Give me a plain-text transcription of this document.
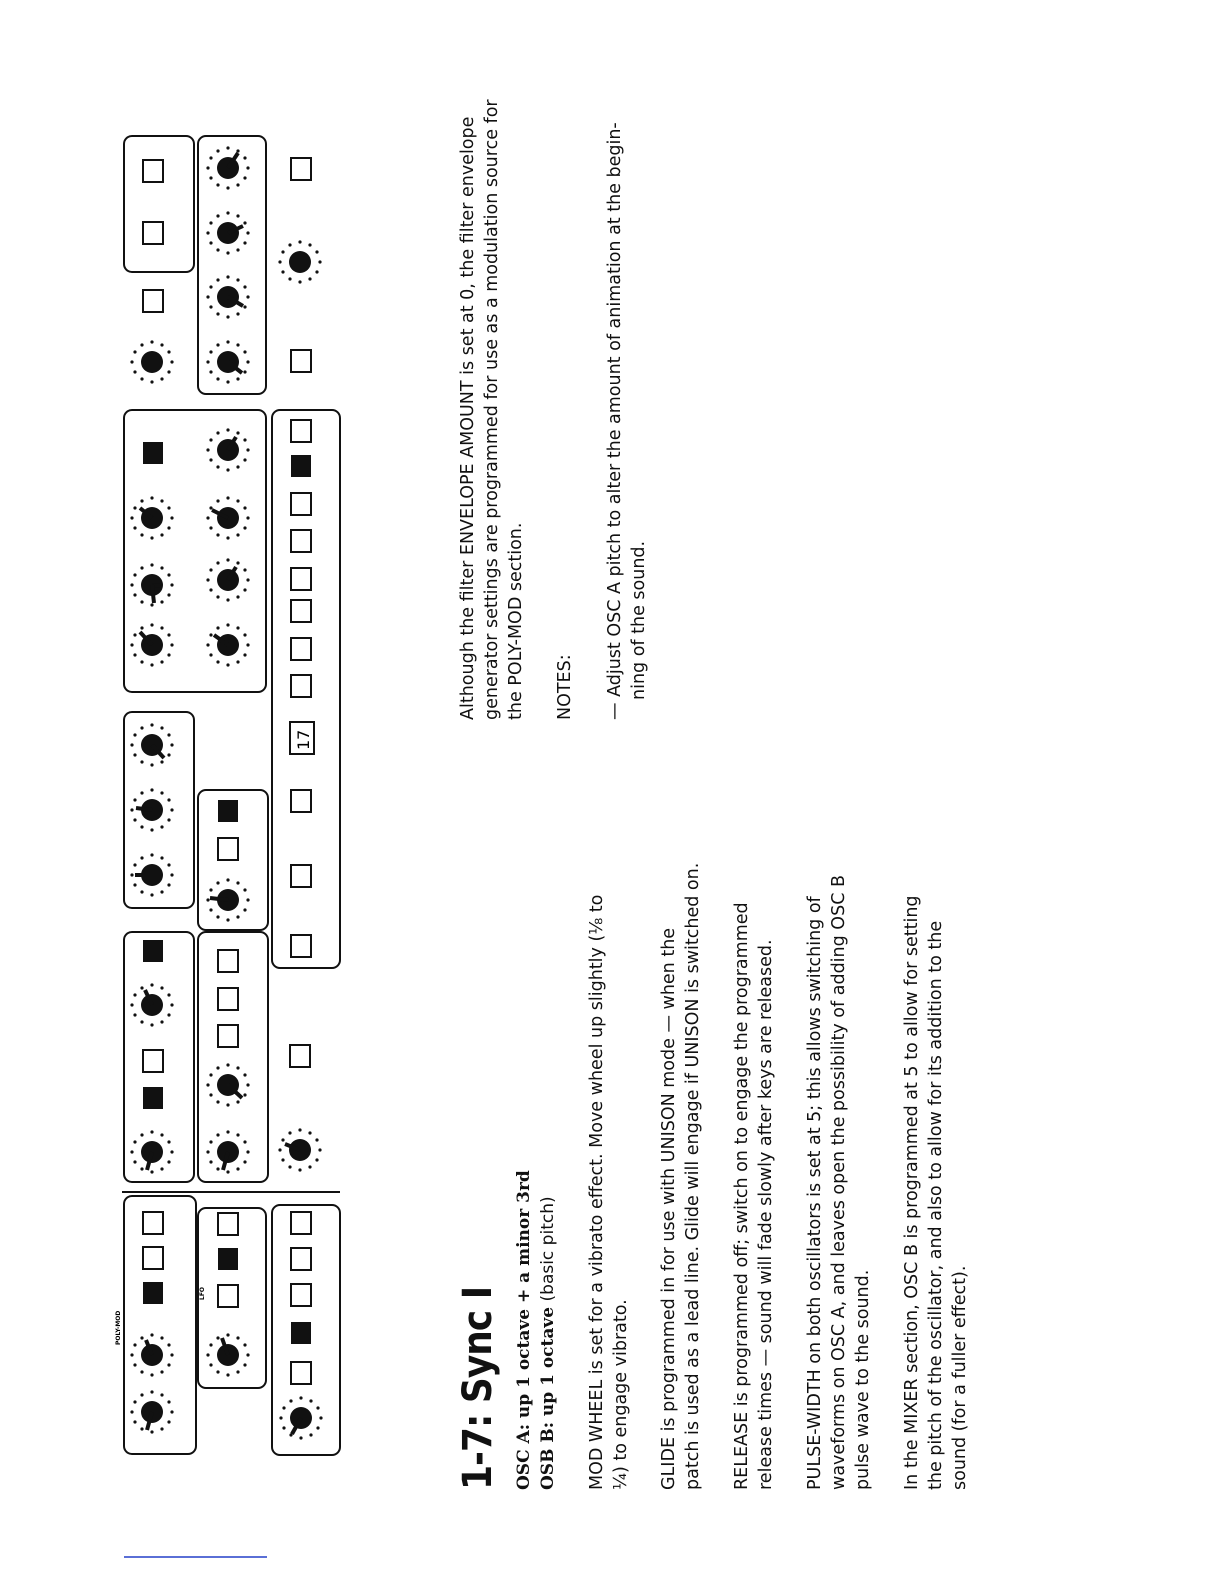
POLY-MOD
LFO
17
1-7: Sync I OSC A: up 1 octave + a minor 3rd OSB B: up 1 octave (basic pitch) MOD WHEEL is set for a vibrato effect. Move wheel up slightly (⅛ to ¼) to engage vibrato. GLIDE is programmed in for use with UNISON mode — when the patch is used as a lead line. Glide will engage if UNISON is switched on. RELEASE is programmed off; switch on to engage the programmed release times — sound will fade slowly after keys are released. PULSE-WIDTH on both oscillators is set at 5; this allows switching of waveforms on OSC A, and leaves open the possibility of adding OSC B pulse wave to the sound. In the MIXER section, OSC B is programmed at 5 to allow for setting the pitch of the oscillator, and also to allow for its addition to the sound (for a fuller effect).
Although the filter ENVELOPE AMOUNT is set at 0, the filter envelope generator settings are programmed for use as a modulation source for the POLY-MOD section. NOTES: — Adjust OSC A pitch to alter the amount of animation at the begin- ning of the sound.
